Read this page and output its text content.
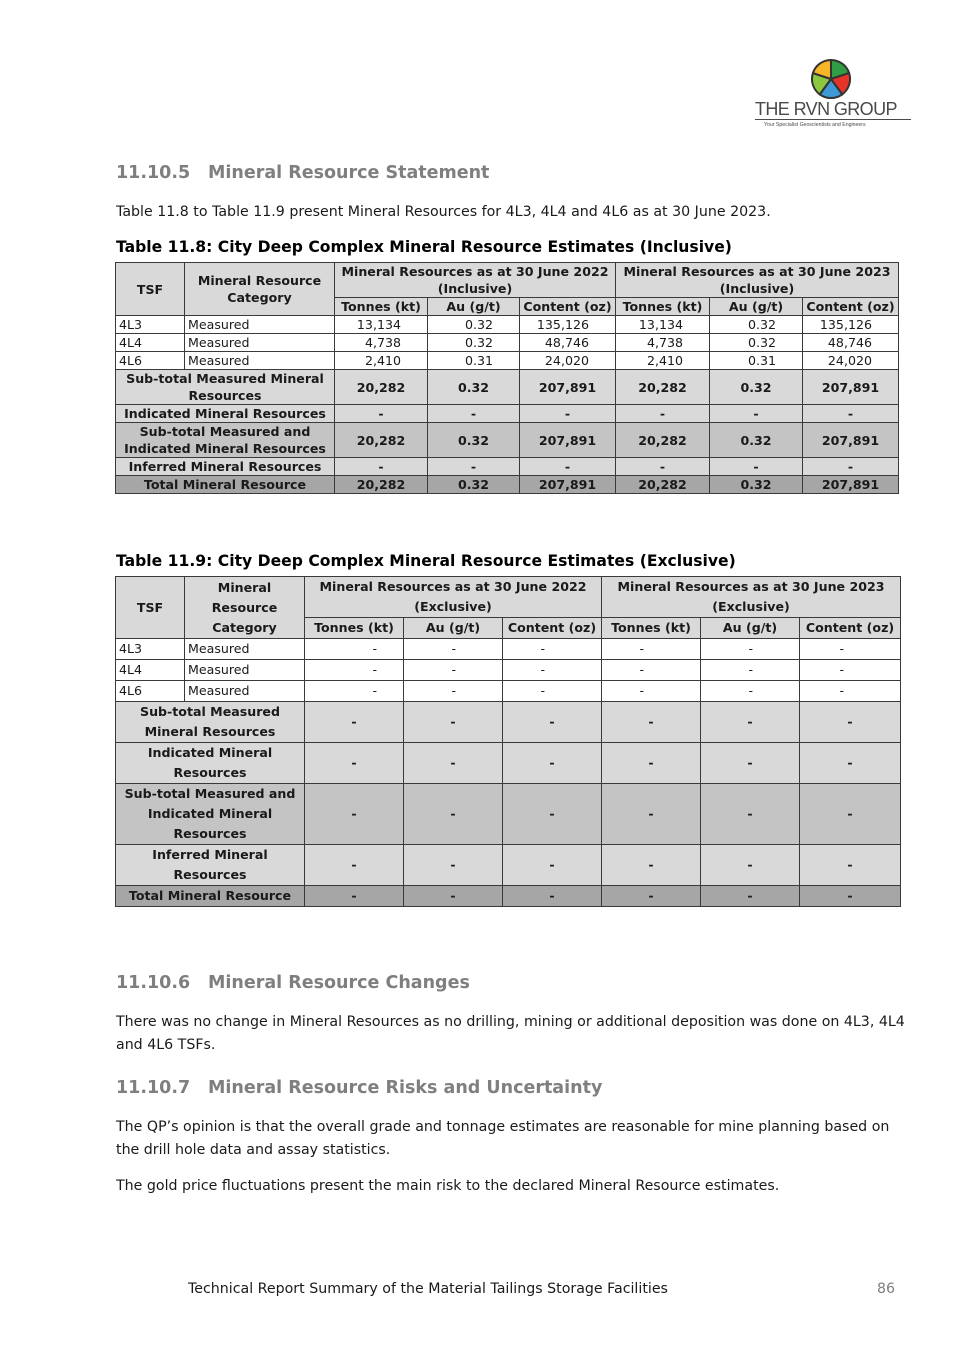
THE RVN GROUP
Your Specialist Geoscientists and Engineers
11.10.5 Mineral Resource Statement
Table 11.8 to Table 11.9 present Mineral Resources for 4L3, 4L4 and 4L6 as at 30 June 2023.
Table 11.8: City Deep Complex Mineral Resource Estimates (Inclusive)
TSF	Mineral Resource Category	Mineral Resources as at 30 June 2022 (Inclusive)			Mineral Resources as at 30 June 2023 (Inclusive)		
		Tonnes (kt)	Au (g/t)	Content (oz)	Tonnes (kt)	Au (g/t)	Content (oz)
4L3	Measured	13,134	0.32	135,126	13,134	0.32	135,126
4L4	Measured	4,738	0.32	48,746	4,738	0.32	48,746
4L6	Measured	2,410	0.31	24,020	2,410	0.31	24,020
Sub-total Measured Mineral Resources		20,282	0.32	207,891	20,282	0.32	207,891
Indicated Mineral Resources		-	-	-	-	-	-
Sub-total Measured and Indicated Mineral Resources		20,282	0.32	207,891	20,282	0.32	207,891
Inferred Mineral Resources		-	-	-	-	-	-
Total Mineral Resource		20,282	0.32	207,891	20,282	0.32	207,891
Table 11.9: City Deep Complex Mineral Resource Estimates (Exclusive)
TSF	Mineral Resource Category	Mineral Resources as at 30 June 2022 (Exclusive)			Mineral Resources as at 30 June 2023 (Exclusive)		
		Tonnes (kt)	Au (g/t)	Content (oz)	Tonnes (kt)	Au (g/t)	Content (oz)
4L3	Measured	-	-	-	-	-	-
4L4	Measured	-	-	-	-	-	-
4L6	Measured	-	-	-	-	-	-
Sub-total Measured Mineral Resources		-	-	-	-	-	-
Indicated Mineral Resources		-	-	-	-	-	-
Sub-total Measured and Indicated Mineral Resources		-	-	-	-	-	-
Inferred Mineral Resources		-	-	-	-	-	-
Total Mineral Resource		-	-	-	-	-	-
11.10.6 Mineral Resource Changes
There was no change in Mineral Resources as no drilling, mining or additional deposition was done on 4L3, 4L4 and 4L6 TSFs.
11.10.7 Mineral Resource Risks and Uncertainty
The QP’s opinion is that the overall grade and tonnage estimates are reasonable for mine planning based on the drill hole data and assay statistics.
The gold price fluctuations present the main risk to the declared Mineral Resource estimates.
Technical Report Summary of the Material Tailings Storage Facilities	86
